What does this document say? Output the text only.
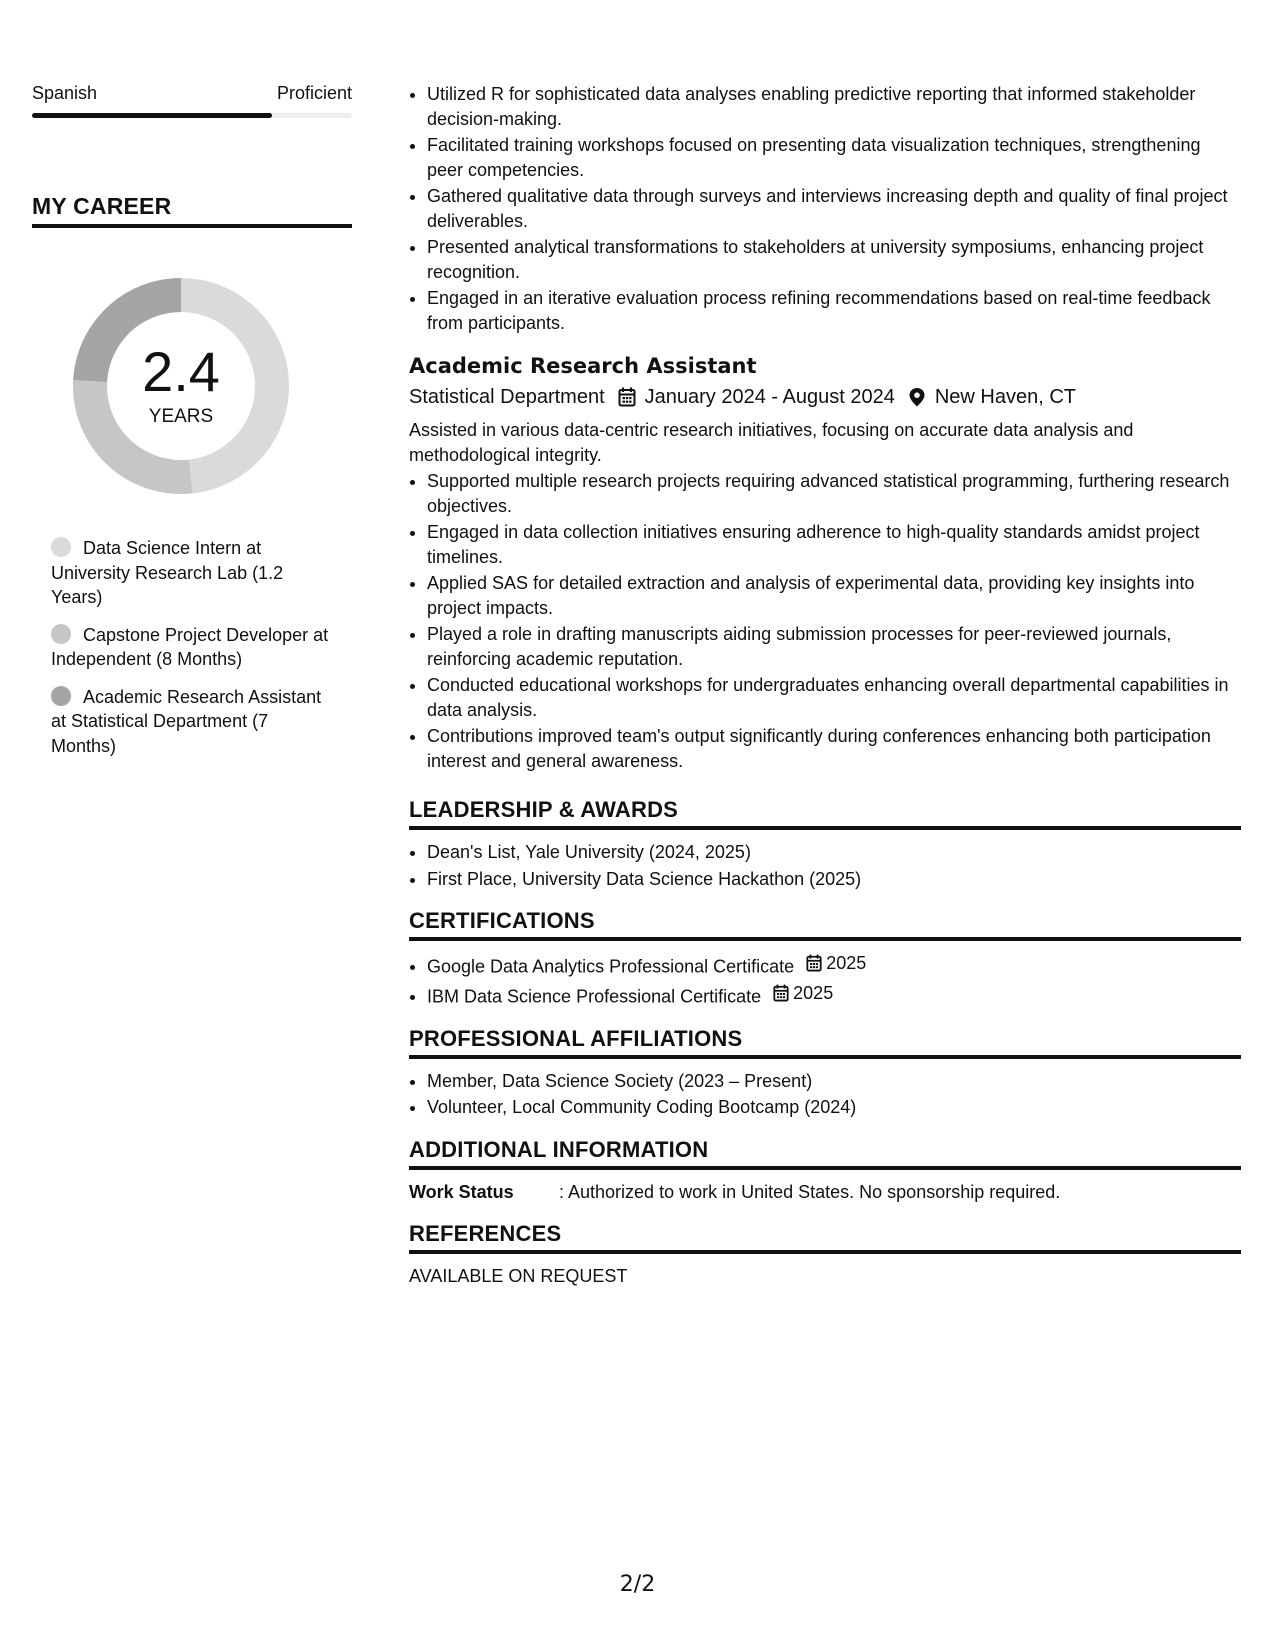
Spanish	Proficient
MY CAREER
2.4
YEARS
Data Science Intern at University Research Lab (1.2 Years)
Capstone Project Developer at Independent (8 Months)
Academic Research Assistant at Statistical Department (7 Months)
• Utilized R for sophisticated data analyses enabling predictive reporting that informed stakeholder decision-making.
• Facilitated training workshops focused on presenting data visualization techniques, strengthening peer competencies.
• Gathered qualitative data through surveys and interviews increasing depth and quality of final project deliverables.
• Presented analytical transformations to stakeholders at university symposiums, enhancing project recognition.
• Engaged in an iterative evaluation process refining recommendations based on real-time feedback from participants.
Academic Research Assistant
Statistical Department January 2024 - August 2024 New Haven, CT
Assisted in various data-centric research initiatives, focusing on accurate data analysis and methodological integrity.
• Supported multiple research projects requiring advanced statistical programming, furthering research objectives.
• Engaged in data collection initiatives ensuring adherence to high-quality standards amidst project timelines.
• Applied SAS for detailed extraction and analysis of experimental data, providing key insights into project impacts.
• Played a role in drafting manuscripts aiding submission processes for peer-reviewed journals, reinforcing academic reputation.
• Conducted educational workshops for undergraduates enhancing overall departmental capabilities in data analysis.
• Contributions improved team's output significantly during conferences enhancing both participation interest and general awareness.
LEADERSHIP & AWARDS
• Dean's List, Yale University (2024, 2025)
• First Place, University Data Science Hackathon (2025)
CERTIFICATIONS
• Google Data Analytics Professional Certificate 2025
• IBM Data Science Professional Certificate 2025
PROFESSIONAL AFFILIATIONS
• Member, Data Science Society (2023 – Present)
• Volunteer, Local Community Coding Bootcamp (2024)
ADDITIONAL INFORMATION
Work Status	: Authorized to work in United States. No sponsorship required.
REFERENCES
AVAILABLE ON REQUEST
2/2
